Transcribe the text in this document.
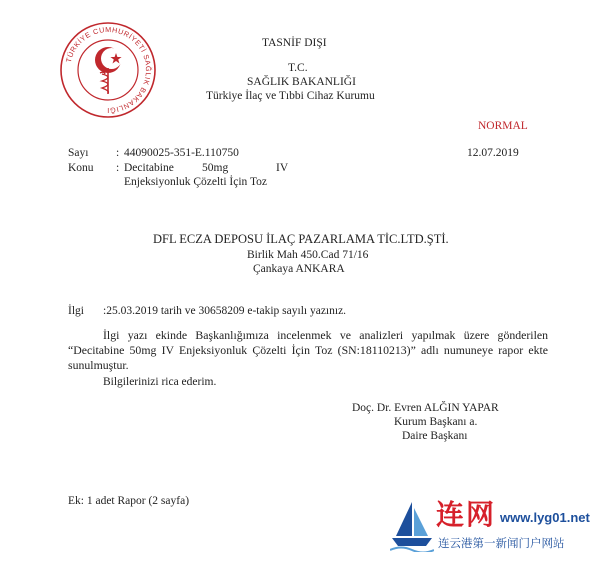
TÜRKİYE CUMHURİYETİ SAĞLIK BAKANLIĞI
TASNİF DIŞI
T.C.
SAĞLIK BAKANLIĞI
Türkiye İlaç ve Tıbbi Cihaz Kurumu
NORMAL
Sayı : 44090025-351-E.110750	12.07.2019
Konu : Decitabine 50mg	IV
Enjeksiyonluk Çözelti İçin Toz
DFL ECZA DEPOSU İLAÇ PAZARLAMA TİC.LTD.ŞTİ.
Birlik Mah 450.Cad 71/16
Çankaya ANKARA
İlgi :25.03.2019 tarih ve 30658209 e-takip sayılı yazınız.
İlgi yazı ekinde Başkanlığımıza incelenmek ve analizleri yapılmak üzere gönderilen “Decitabine 50mg IV Enjeksiyonluk Çözelti İçin Toz (SN:18110213)” adlı numuneye rapor ekte sunulmuştur.
Bilgilerinizi rica ederim.
Doç. Dr. Evren ALĞIN YAPAR
Kurum Başkanı a.
Daire Başkanı
Ek: 1 adet Rapor (2 sayfa)	连网 www.lyg01.net
连云港第一新闻门户网站
